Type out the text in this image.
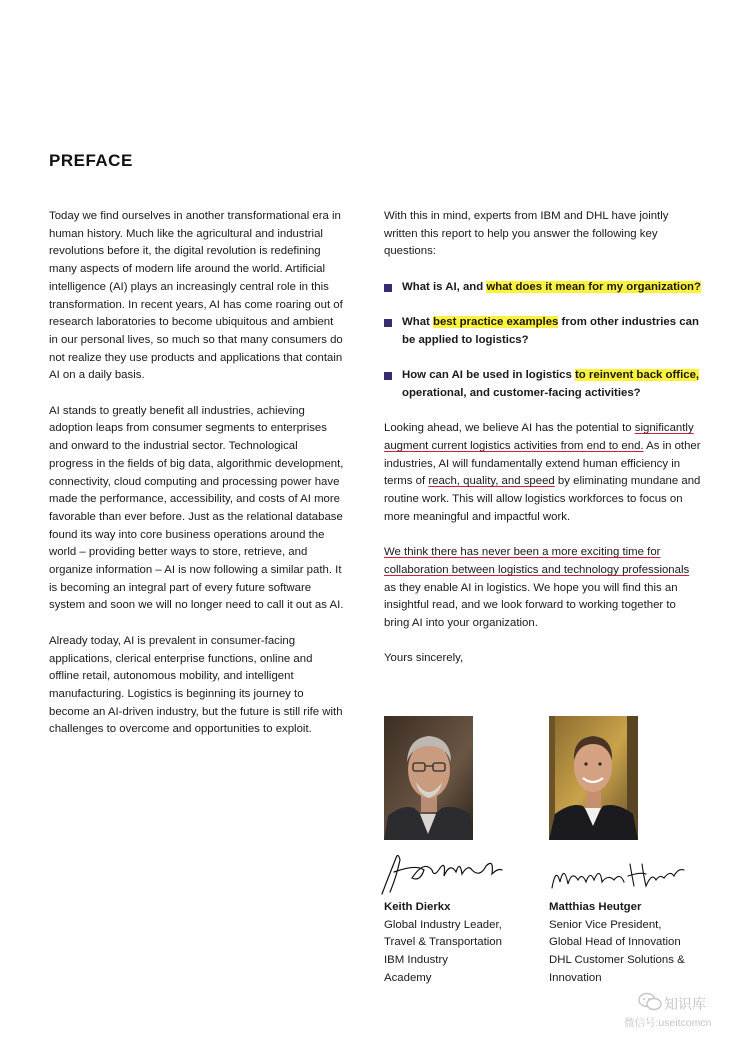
PREFACE

Today we find ourselves in another transformational era in human history. Much like the agricultural and industrial revolutions before it, the digital revolution is redefining many aspects of modern life around the world. Artificial intelligence (AI) plays an increasingly central role in this transformation. In recent years, AI has come roaring out of research laboratories to become ubiquitous and ambient in our personal lives, so much so that many consumers do not realize they use products and applications that contain AI on a daily basis.

AI stands to greatly benefit all industries, achieving adoption leaps from consumer segments to enterprises and onward to the industrial sector. Technological progress in the fields of big data, algorithmic development, connectivity, cloud computing and processing power have made the performance, accessibility, and costs of AI more favorable than ever before. Just as the relational database found its way into core business operations around the world – providing better ways to store, retrieve, and organize information – AI is now following a similar path. It is becoming an integral part of every future software system and soon we will no longer need to call it out as AI.

Already today, AI is prevalent in consumer-facing applications, clerical enterprise functions, online and offline retail, autonomous mobility, and intelligent manufacturing. Logistics is beginning its journey to become an AI-driven industry, but the future is still rife with challenges to overcome and opportunities to exploit.

With this in mind, experts from IBM and DHL have jointly written this report to help you answer the following key questions:

What is AI, and what does it mean for my organization?
What best practice examples from other industries can be applied to logistics?
How can AI be used in logistics to reinvent back office, operational, and customer-facing activities?

Looking ahead, we believe AI has the potential to significantly augment current logistics activities from end to end. As in other industries, AI will fundamentally extend human efficiency in terms of reach, quality, and speed by eliminating mundane and routine work. This will allow logistics workforces to focus on more meaningful and impactful work.

We think there has never been a more exciting time for collaboration between logistics and technology professionals as they enable AI in logistics. We hope you will find this an insightful read, and we look forward to working together to bring AI into your organization.

Yours sincerely,

Keith Dierkx
Global Industry Leader,
Travel & Transportation
IBM Industry
Academy
Matthias Heutger
Senior Vice President,
Global Head of Innovation
DHL Customer Solutions &
Innovation
知识库
微信号:useitcomcn
